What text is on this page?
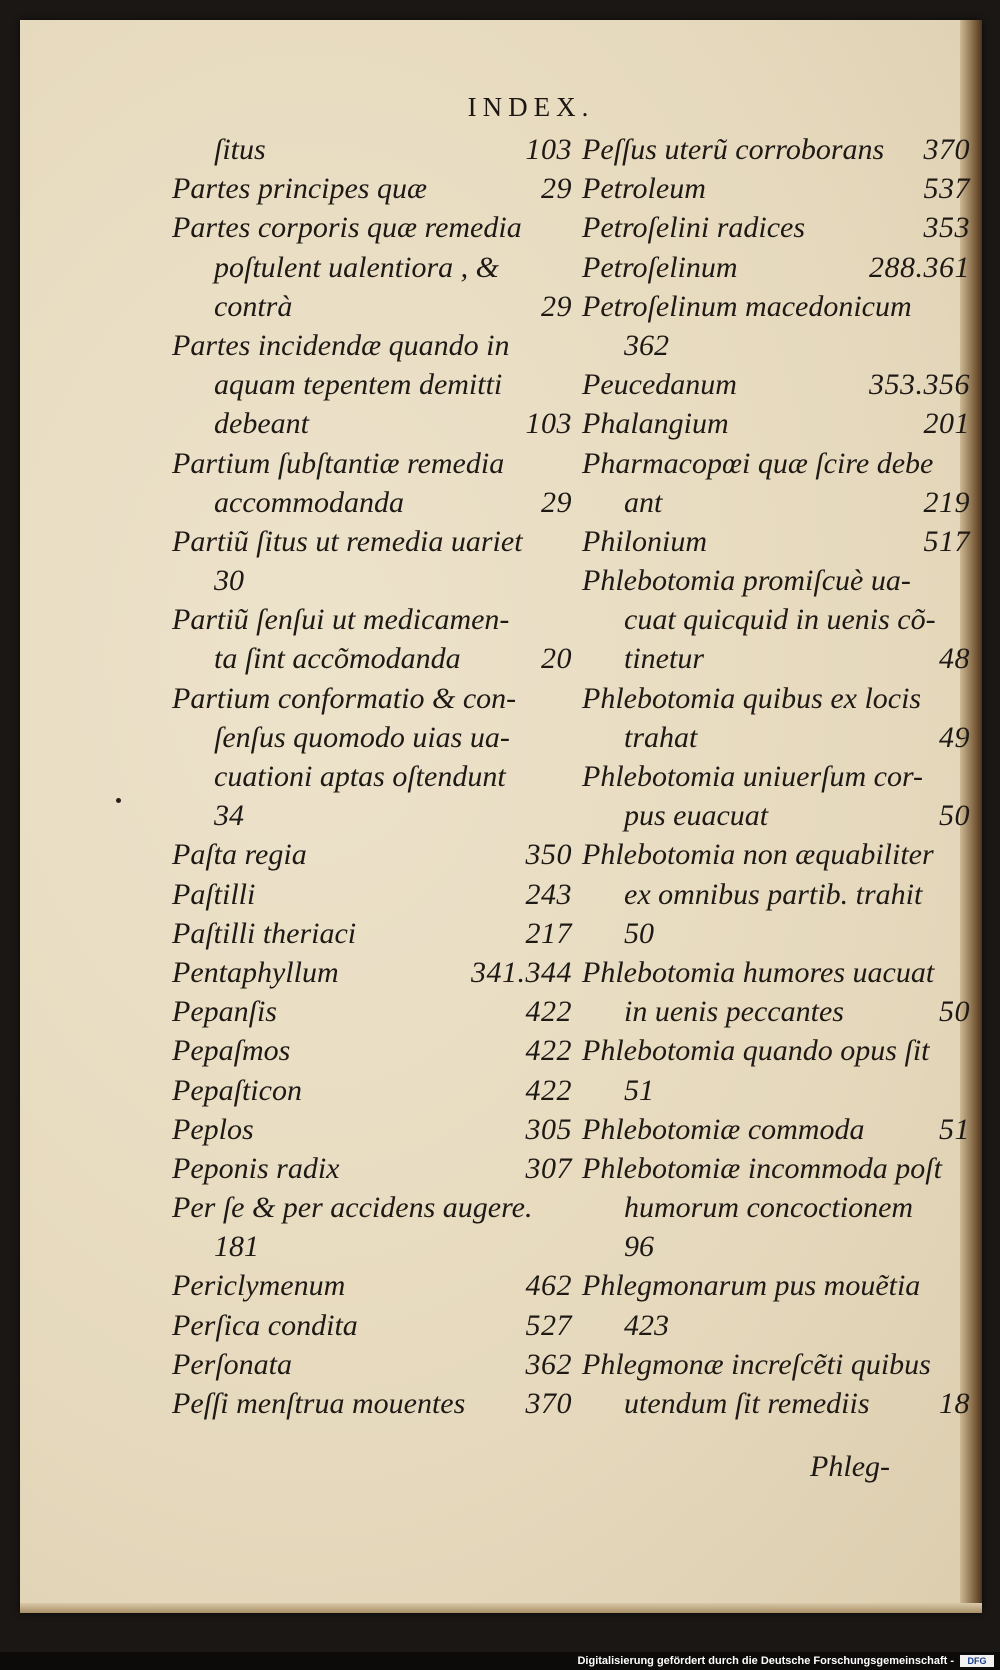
INDEX.
ſitus	103
Partes principes quæ	29
Partes corporis quæ remedia
poſtulent ualentiora , &
contrà	29
Partes incidendæ quando in
aquam tepentem demitti
debeant	103
Partium ſubſtantiæ remedia
accommodanda	29
Partiũ ſitus ut remedia uariet
30
Partiũ ſenſui ut medicamen-
ta ſint accõmodanda	20
Partium conformatio & con-
ſenſus quomodo uias ua-
cuationi aptas oſtendunt
34
Paſta regia	350
Paſtilli	243
Paſtilli theriaci	217
Pentaphyllum	341.344
Pepanſis	422
Pepaſmos	422
Pepaſticon	422
Peplos	305
Peponis radix	307
Per ſe & per accidens augere.
181
Periclymenum	462
Perſica condita	527
Perſonata	362
Peſſi menſtrua mouentes 370
Peſſus uterũ corroborans 370
Petroleum	537
Petroſelini radices	353
Petroſelinum	288.361
Petroſelinum macedonicum
362
Peucedanum	353.356
Phalangium	201
Pharmacopœi quæ ſcire debe
ant	219
Philonium	517
Phlebotomia promiſcuè ua-
cuat quicquid in uenis cõ-
tinetur	48
Phlebotomia quibus ex locis
trahat	49
Phlebotomia uniuerſum cor-
pus euacuat	50
Phlebotomia non æquabiliter
ex omnibus partib. trahit
50
Phlebotomia humores uacuat
in uenis peccantes	50
Phlebotomia quando opus ſit
51
Phlebotomiæ commoda 51
Phlebotomiæ incommoda poſt
humorum concoctionem
96
Phlegmonarum pus mouẽtia
423
Phlegmonæ increſcẽti quibus
utendum ſit remediis 18
Phleg-
Digitalisierung gefördert durch die Deutsche Forschungsgemeinschaft -	DFG
